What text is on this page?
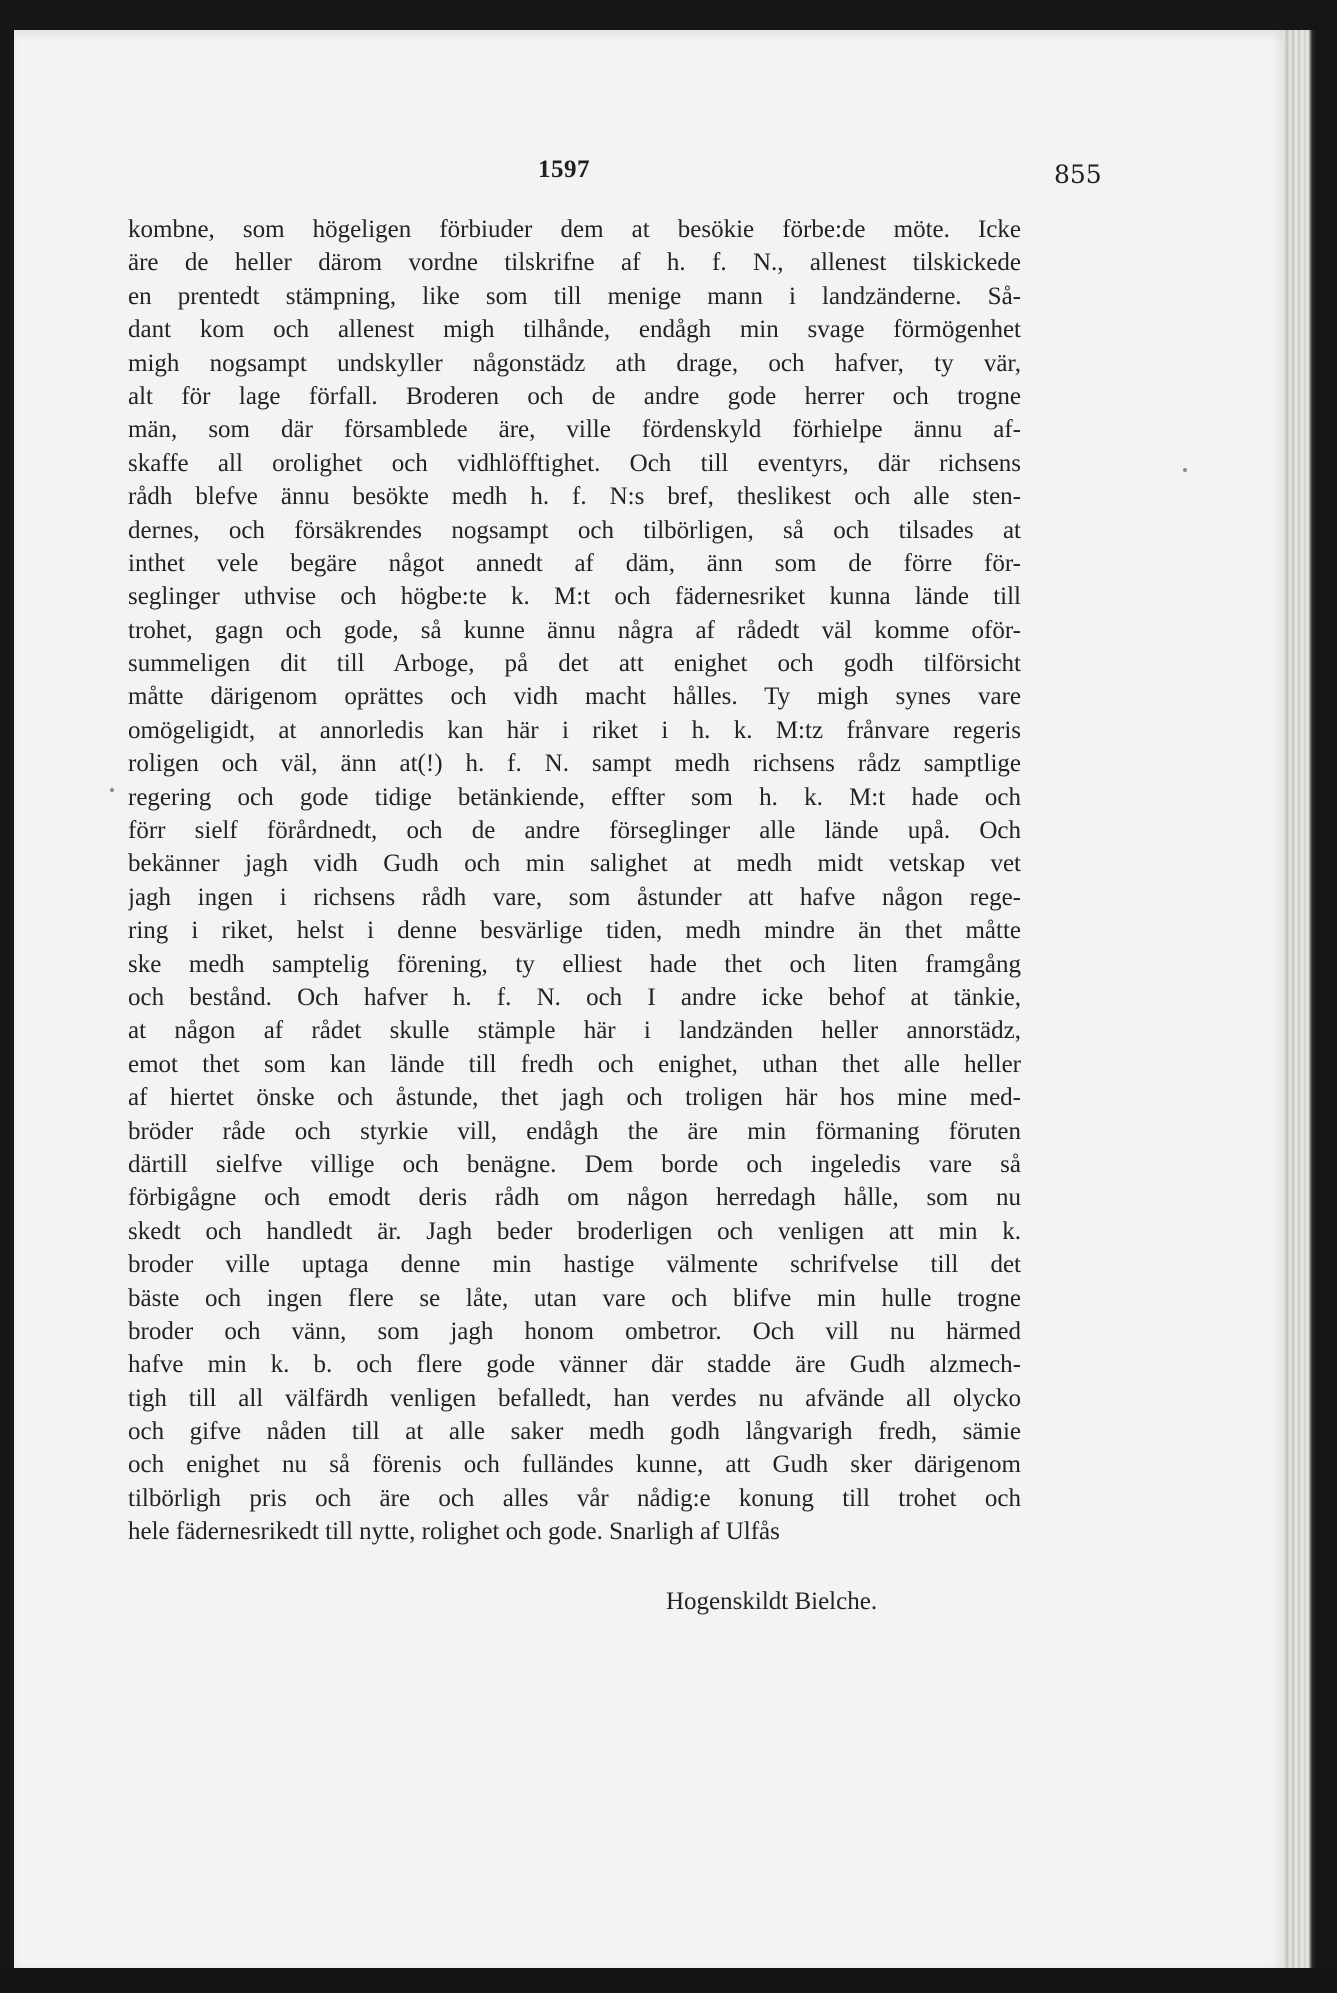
1597	855
kombne, som högeligen förbiuder dem at besökie förbe:de möte. Icke
äre de heller därom vordne tilskrifne af h. f. N., allenest tilskickede
en prentedt stämpning, like som till menige mann i landzänderne. Så-
dant kom och allenest migh tilhånde, endågh min svage förmögenhet
migh nogsampt undskyller någonstädz ath drage, och hafver, ty vär,
alt för lage förfall. Broderen och de andre gode herrer och trogne
män, som där församblede äre, ville fördenskyld förhielpe ännu af-
skaffe all orolighet och vidhlöfftighet. Och till eventyrs, där richsens
rådh blefve ännu besökte medh h. f. N:s bref, theslikest och alle sten-
dernes, och försäkrendes nogsampt och tilbörligen, så och tilsades at
inthet vele begäre något annedt af däm, änn som de förre för-
seglinger uthvise och högbe:te k. M:t och fädernesriket kunna lände till
trohet, gagn och gode, så kunne ännu några af rådedt väl komme oför-
summeligen dit till Arboge, på det att enighet och godh tilförsicht
måtte därigenom oprättes och vidh macht hålles. Ty migh synes vare
omögeligidt, at annorledis kan här i riket i h. k. M:tz frånvare regeris
roligen och väl, änn at(!) h. f. N. sampt medh richsens rådz samptlige
regering och gode tidige betänkiende, effter som h. k. M:t hade och
förr sielf förårdnedt, och de andre förseglinger alle lände upå. Och
bekänner jagh vidh Gudh och min salighet at medh midt vetskap vet
jagh ingen i richsens rådh vare, som åstunder att hafve någon rege-
ring i riket, helst i denne besvärlige tiden, medh mindre än thet måtte
ske medh samptelig förening, ty elliest hade thet och liten framgång
och bestånd. Och hafver h. f. N. och I andre icke behof at tänkie,
at någon af rådet skulle stämple här i landzänden heller annorstädz,
emot thet som kan lände till fredh och enighet, uthan thet alle heller
af hiertet önske och åstunde, thet jagh och troligen här hos mine med-
bröder råde och styrkie vill, endågh the äre min förmaning föruten
därtill sielfve villige och benägne. Dem borde och ingeledis vare så
förbigågne och emodt deris rådh om någon herredagh hålle, som nu
skedt och handledt är. Jagh beder broderligen och venligen att min k.
broder ville uptaga denne min hastige välmente schrifvelse till det
bäste och ingen flere se låte, utan vare och blifve min hulle trogne
broder och vänn, som jagh honom ombetror. Och vill nu härmed
hafve min k. b. och flere gode vänner där stadde äre Gudh alzmech-
tigh till all välfärdh venligen befalledt, han verdes nu afvände all olycko
och gifve nåden till at alle saker medh godh långvarigh fredh, sämie
och enighet nu så förenis och fulländes kunne, att Gudh sker därigenom
tilbörligh pris och äre och alles vår nådig:e konung till trohet och
hele fädernesrikedt till nytte, rolighet och gode. Snarligh af Ulfås
Hogenskildt Bielche.
